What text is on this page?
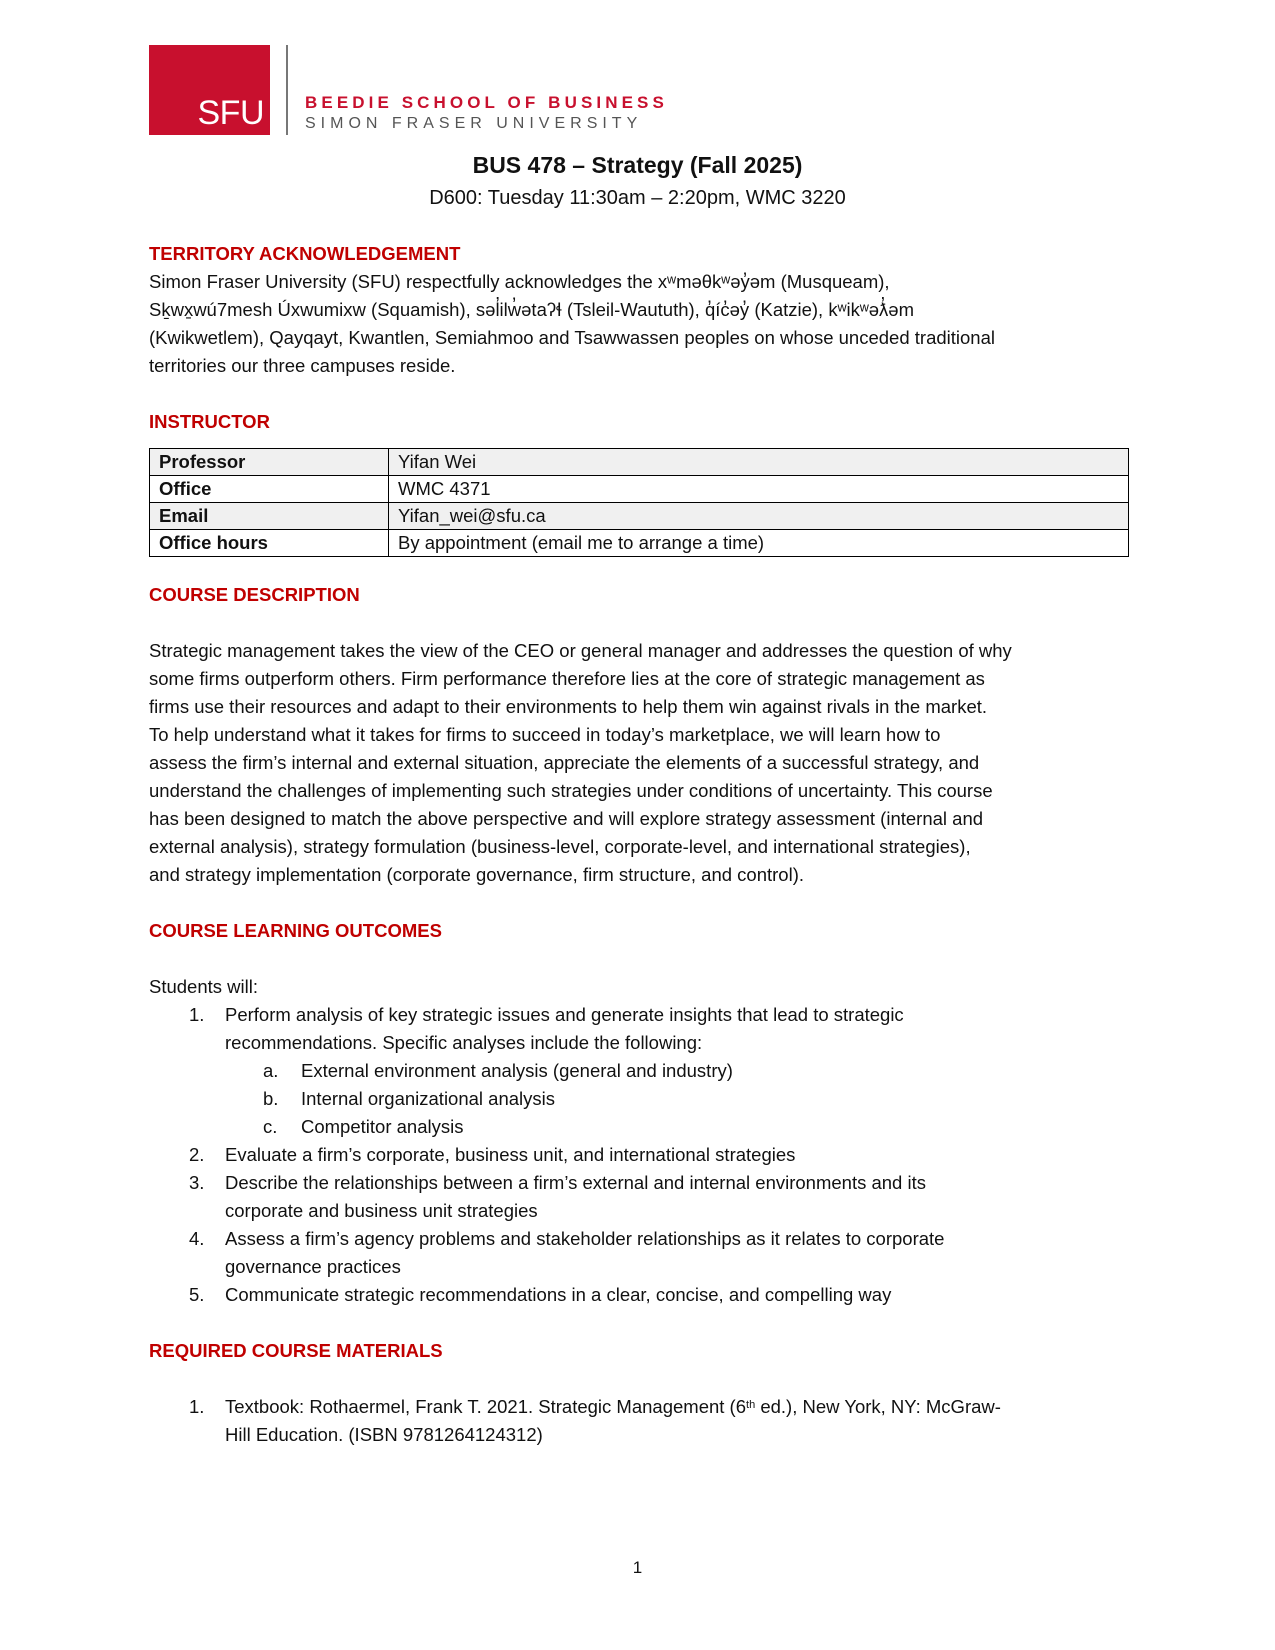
SFU BEEDIE SCHOOL OF BUSINESS
SIMON FRASER UNIVERSITY
BUS 478 – Strategy (Fall 2025)
D600: Tuesday 11:30am – 2:20pm, WMC 3220
TERRITORY ACKNOWLEDGEMENT

Simon Fraser University (SFU) respectfully acknowledges the xʷməθkʷəy̓əm (Musqueam),

Sḵwx̱wú7mesh Úxwumixw (Squamish), səl̓ilw̓ətaʔɬ (Tsleil-Waututh), q̓íc̓əy̓ (Katzie), kʷikʷəƛ̓əm

(Kwikwetlem), Qayqayt, Kwantlen, Semiahmoo and Tsawwassen peoples on whose unceded traditional

territories our three campuses reside.

INSTRUCTOR
Professor	Yifan Wei
Office	WMC 4371
Email	Yifan_wei@sfu.ca
Office hours	By appointment (email me to arrange a time)
COURSE DESCRIPTION

Strategic management takes the view of the CEO or general manager and addresses the question of why

some firms outperform others. Firm performance therefore lies at the core of strategic management as

firms use their resources and adapt to their environments to help them win against rivals in the market.

To help understand what it takes for firms to succeed in today’s marketplace, we will learn how to

assess the firm’s internal and external situation, appreciate the elements of a successful strategy, and

understand the challenges of implementing such strategies under conditions of uncertainty. This course

has been designed to match the above perspective and will explore strategy assessment (internal and

external analysis), strategy formulation (business-level, corporate-level, and international strategies),

and strategy implementation (corporate governance, firm structure, and control).

COURSE LEARNING OUTCOMES

Students will:

1. Perform analysis of key strategic issues and generate insights that lead to strategic
recommendations. Specific analyses include the following:
a. External environment analysis (general and industry)
b. Internal organizational analysis
c. Competitor analysis
2. Evaluate a firm’s corporate, business unit, and international strategies
3. Describe the relationships between a firm’s external and internal environments and its
corporate and business unit strategies
4. Assess a firm’s agency problems and stakeholder relationships as it relates to corporate
governance practices
5. Communicate strategic recommendations in a clear, concise, and compelling way
REQUIRED COURSE MATERIALS
1. Textbook: Rothaermel, Frank T. 2021. Strategic Management (6th ed.), New York, NY: McGraw-
Hill Education. (ISBN 9781264124312)
1
